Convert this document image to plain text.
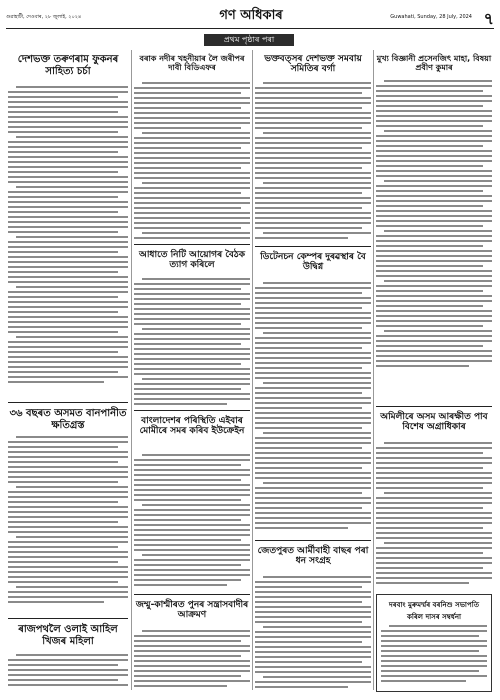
গুৱাহাটী, দেওবাৰ, ২৮ জুলাই, ২০২৪	গণ অধিকাৰ	Guwahati, Sunday, 28 July, 2024 ৭
প্ৰথম পৃষ্ঠাৰ পৰা
দেশভক্ত তৰুণৰাম ফুকনৰ সাহিত্য চৰ্চা
৩৬ বছৰত অসমত বানপানীত ক্ষতিগ্ৰস্ত
ৰাজপথলৈ ওলাই আহিল খিজৰ মহিলা
বৰাক নদীৰ খহনীয়াৰ লৈ জৰীপৰ দাবী বিডিএফৰ
আধাতে নিটি আয়োগৰ বৈঠক ত্যাগ কৰিলে
বাংলাদেশৰ পৰিস্থিতি এইবাৰ মোমীৰে সমৰ কৰিব ইউক্ৰেইন
জম্মু-কাশ্মীৰত পুনৰ সন্ত্ৰাসবাদীৰ আক্ৰমণ
ভক্তবত্‍সৰ দেশভক্ত সমবায় সমিতিৰ বৰ্গা
ডিটেনচন কেম্পৰ দুৰৱস্থাৰ বৈ উদ্বিগ্ন
জেতপুৰত আৰ্মীবাহী বাছৰ পৰা ধন সংগ্ৰহ
মুখ্য বিজ্ঞানী প্ৰসেনজিৎ মাহা, বিষয়া প্ৰবীণ কুমাৰ
অমিলীৰে অসম আৰক্ষীত পাব বিশেষ অগ্ৰাধিকাৰ
দৰবাং মুৰুমৰ্ম্মৰ বৰনিশু সভাপতি কৰিল দাসৰ সম্বৰ্ধনা
